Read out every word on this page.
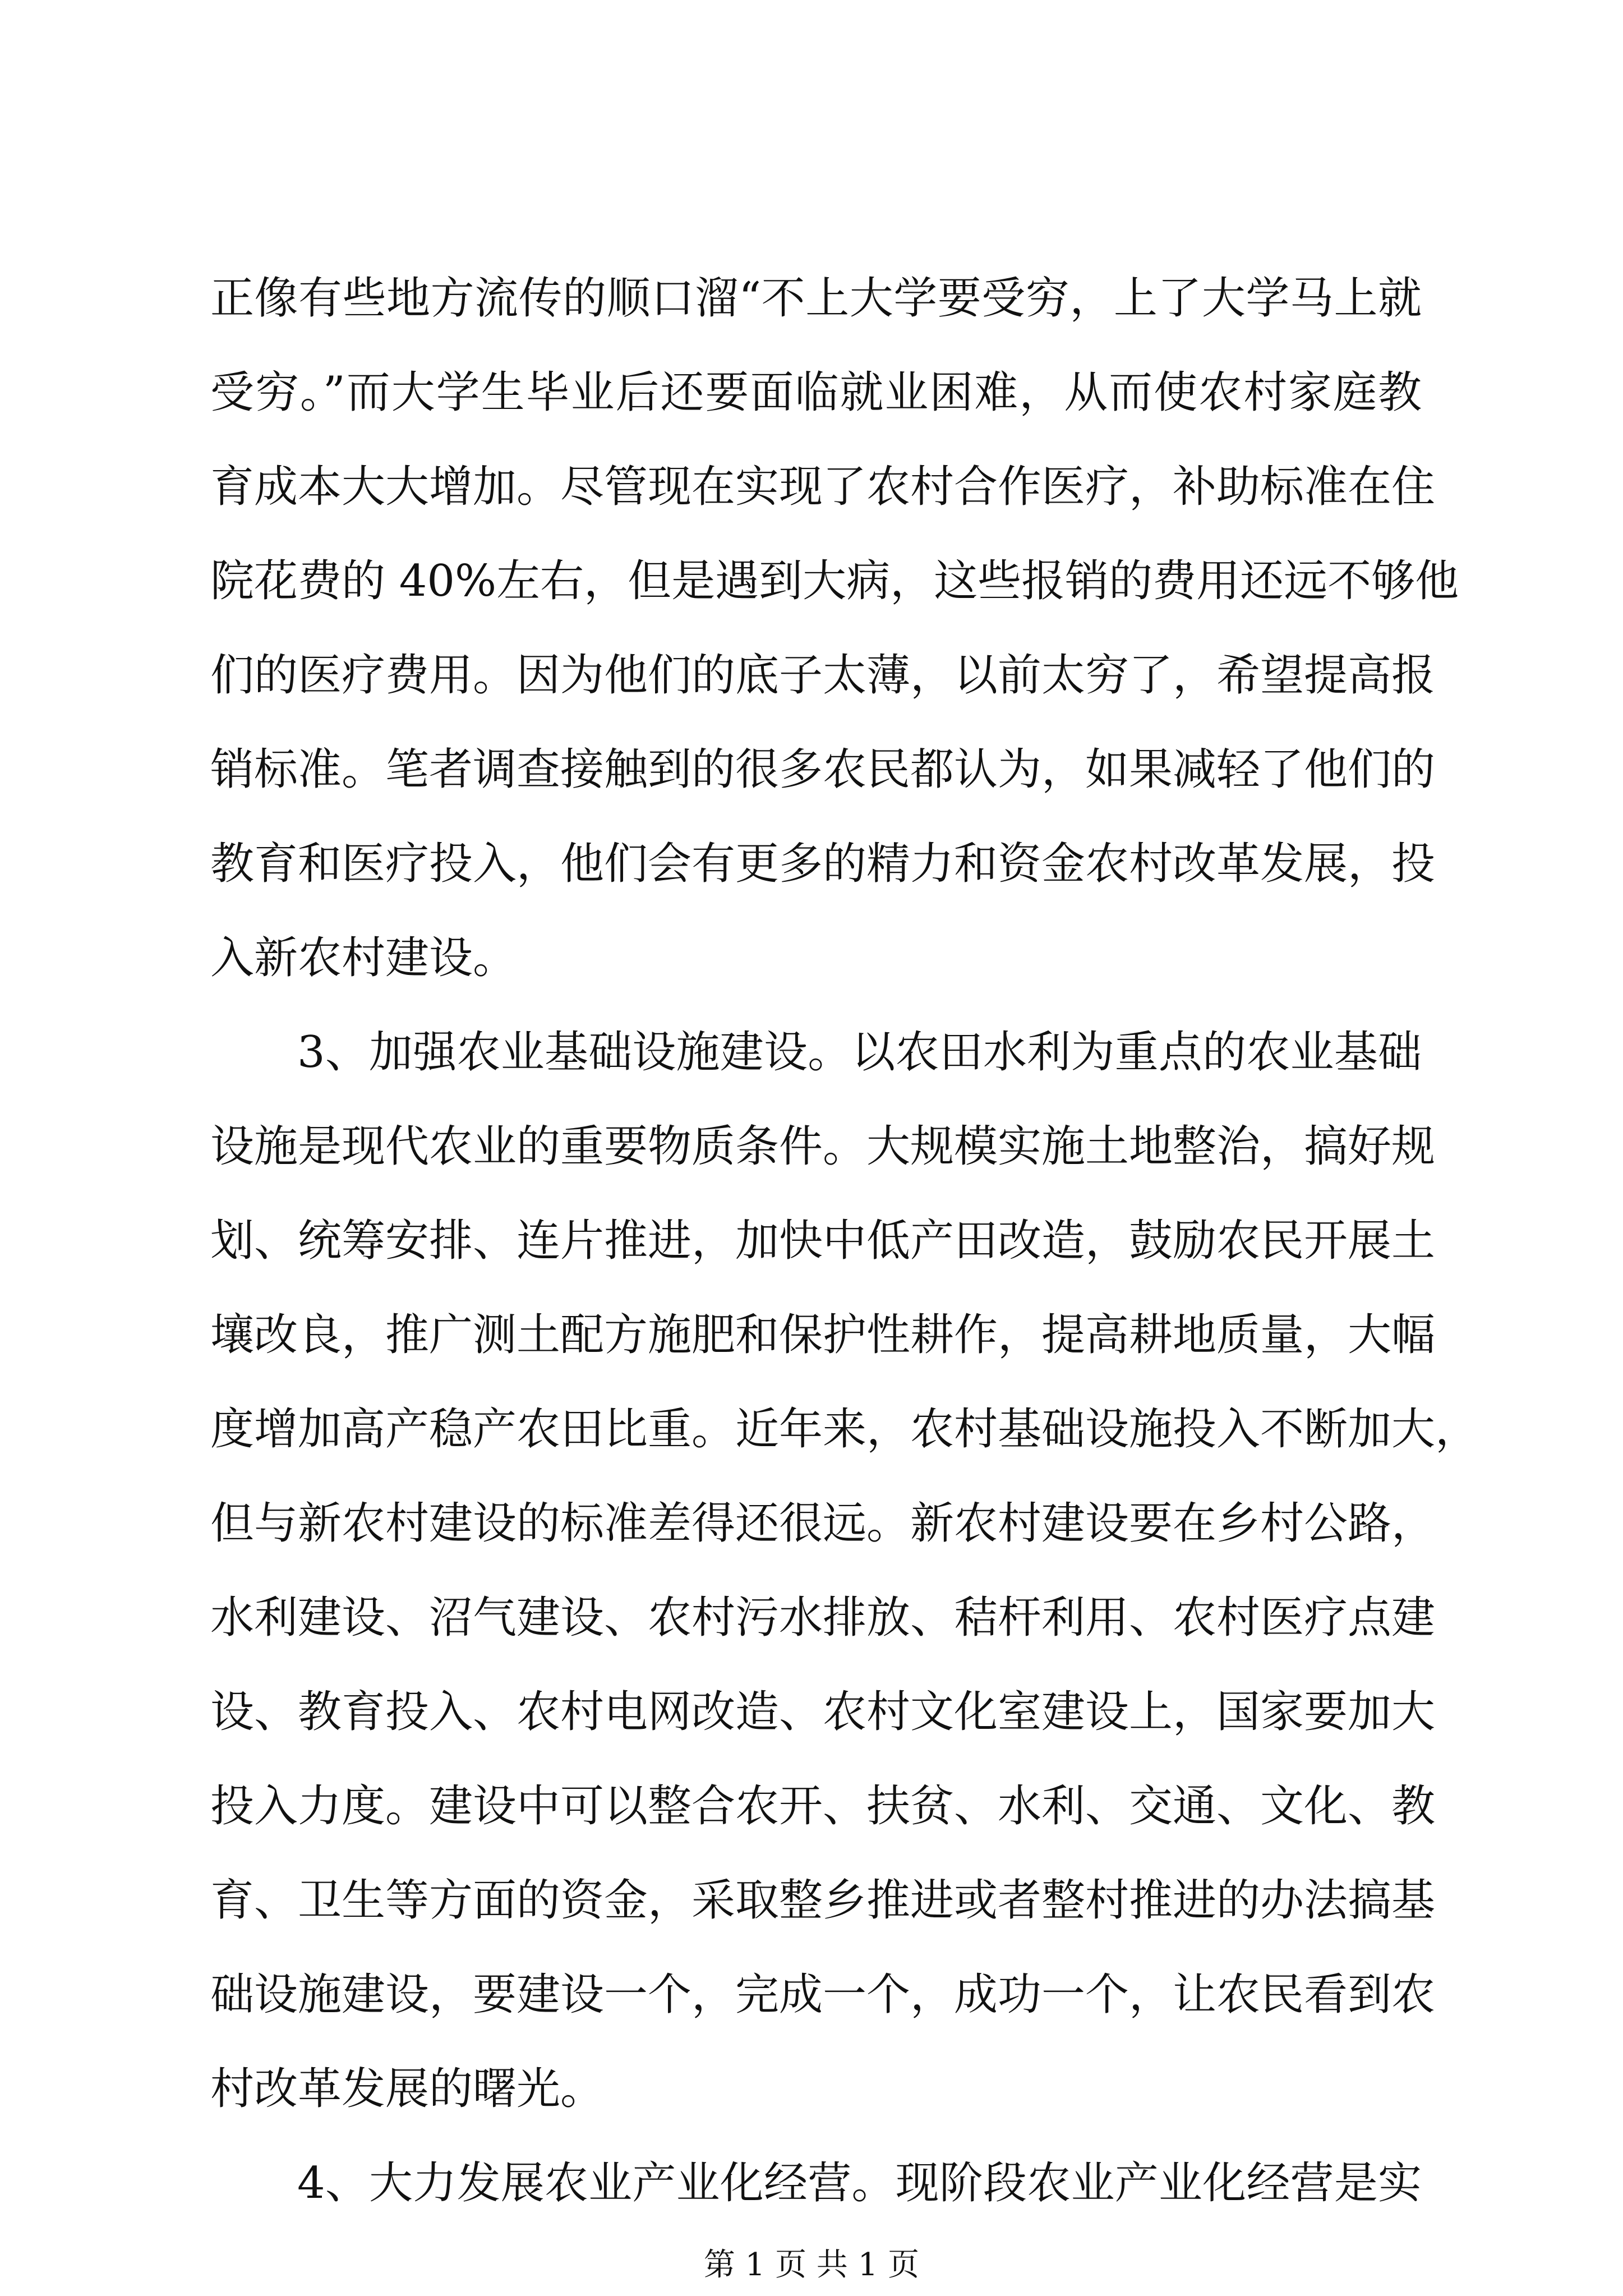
正像有些地方流传的顺口溜“不上大学要受穷，上了大学马上就
受穷。”而大学生毕业后还要面临就业困难，从而使农村家庭教
育成本大大增加。尽管现在实现了农村合作医疗，补助标准在住
院花费的 40%左右，但是遇到大病，这些报销的费用还远不够他
们的医疗费用。因为他们的底子太薄，以前太穷了，希望提高报
销标准。笔者调查接触到的很多农民都认为，如果减轻了他们的
教育和医疗投入，他们会有更多的精力和资金农村改革发展，投
入新农村建设。
3、加强农业基础设施建设。以农田水利为重点的农业基础
设施是现代农业的重要物质条件。大规模实施土地整治，搞好规
划、统筹安排、连片推进，加快中低产田改造，鼓励农民开展土
壤改良，推广测土配方施肥和保护性耕作，提高耕地质量，大幅
度增加高产稳产农田比重。近年来，农村基础设施投入不断加大，
但与新农村建设的标准差得还很远。新农村建设要在乡村公路，
水利建设、沼气建设、农村污水排放、秸杆利用、农村医疗点建
设、教育投入、农村电网改造、农村文化室建设上，国家要加大
投入力度。建设中可以整合农开、扶贫、水利、交通、文化、教
育、卫生等方面的资金，采取整乡推进或者整村推进的办法搞基
础设施建设，要建设一个，完成一个，成功一个，让农民看到农
村改革发展的曙光。
4、大力发展农业产业化经营。现阶段农业产业化经营是实
第 1 页 共 1 页
